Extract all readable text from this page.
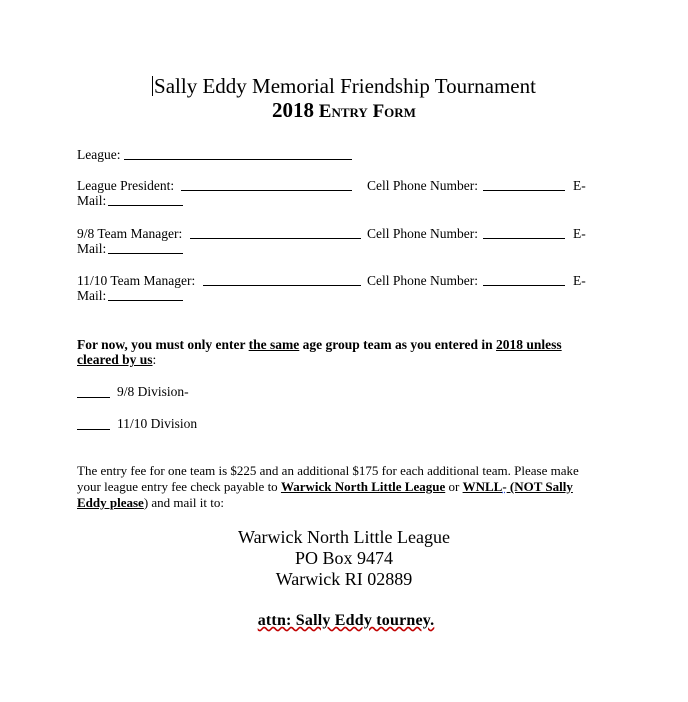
Sally Eddy Memorial Friendship Tournament
2018 Entry Form
League:
League President:	Cell Phone Number:	E-
Mail:
9/8 Team Manager:	Cell Phone Number:	E-
Mail:
11/10 Team Manager:	Cell Phone Number:	E-
Mail:
For now, you must only enter the same age group team as you entered in 2018 unless
cleared by us:
9/8 Division-
11/10 Division
The entry fee for one team is $225 and an additional $175 for each additional team. Please make
your league entry fee check payable to Warwick North Little League or WNLL- (NOT Sally
Eddy please) and mail it to:
Warwick North Little League
PO Box 9474
Warwick RI 02889
attn: Sally Eddy tourney.
